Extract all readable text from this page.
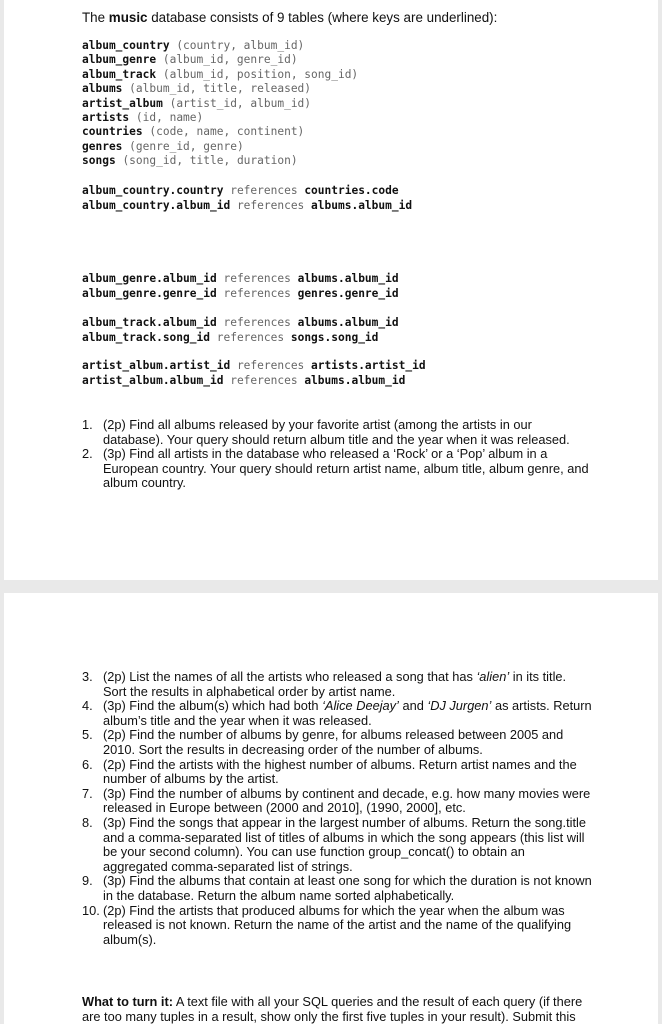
The music database consists of 9 tables (where keys are underlined):
album_country (country, album_id)
album_genre (album_id, genre_id)
album_track (album_id, position, song_id)
albums (album_id, title, released)
artist_album (artist_id, album_id)
artists (id, name)
countries (code, name, continent)
genres (genre_id, genre)
songs (song_id, title, duration)
album_country.country references countries.code
album_country.album_id references albums.album_id
album_genre.album_id references albums.album_id
album_genre.genre_id references genres.genre_id
album_track.album_id references albums.album_id
album_track.song_id references songs.song_id
artist_album.artist_id references artists.artist_id
artist_album.album_id references albums.album_id
1. (2p) Find all albums released by your favorite artist (among the artists in our database). Your query should return album title and the year when it was released.
2. (3p) Find all artists in the database who released a ‘Rock’ or a ‘Pop’ album in a European country. Your query should return artist name, album title, album genre, and album country.
3. (2p) List the names of all the artists who released a song that has ‘alien’ in its title. Sort the results in alphabetical order by artist name.
4. (3p) Find the album(s) which had both ‘Alice Deejay’ and ‘DJ Jurgen’ as artists. Return album’s title and the year when it was released.
5. (2p) Find the number of albums by genre, for albums released between 2005 and 2010. Sort the results in decreasing order of the number of albums.
6. (2p) Find the artists with the highest number of albums. Return artist names and the number of albums by the artist.
7. (3p) Find the number of albums by continent and decade, e.g. how many movies were released in Europe between (2000 and 2010], (1990, 2000], etc.
8. (3p) Find the songs that appear in the largest number of albums. Return the song.title and a comma-separated list of titles of albums in which the song appears (this list will be your second column). You can use function group_concat() to obtain an aggregated comma-separated list of strings.
9. (3p) Find the albums that contain at least one song for which the duration is not known in the database. Return the album name sorted alphabetically.
10. (2p) Find the artists that produced albums for which the year when the album was released is not known. Return the name of the artist and the name of the qualifying album(s).
What to turn it: A text file with all your SQL queries and the result of each query (if there are too many tuples in a result, show only the first five tuples in your result). Submit this
